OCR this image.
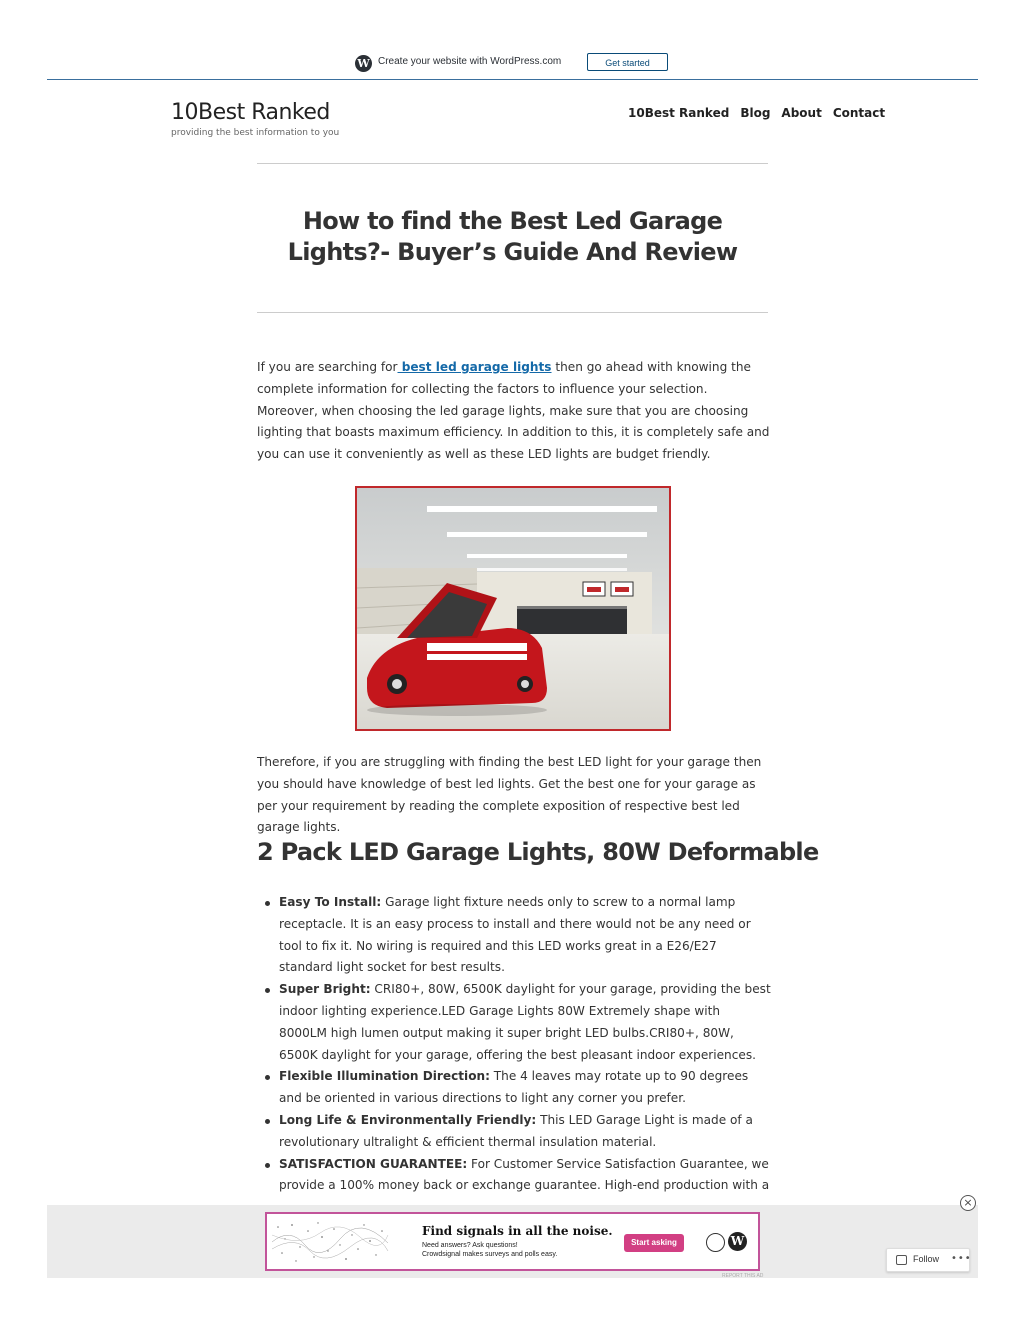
W Create your website with WordPress.com	Get started
10Best Ranked
providing the best information to you
10Best Ranked Blog About Contact
How to find the Best Led Garage Lights?- Buyer’s Guide And Review
If you are searching for best led garage lights then go ahead with knowing the complete information for collecting the factors to influence your selection. Moreover, when choosing the led garage lights, make sure that you are choosing lighting that boasts maximum efficiency. In addition to this, it is completely safe and you can use it conveniently as well as these LED lights are budget friendly.
Therefore, if you are struggling with finding the best LED light for your garage then you should have knowledge of best led lights. Get the best one for your garage as per your requirement by reading the complete exposition of respective best led garage lights.
2 Pack LED Garage Lights, 80W Deformable
Easy To Install: Garage light fixture needs only to screw to a normal lamp receptacle. It is an easy process to install and there would not be any need or tool to fix it. No wiring is required and this LED works great in a E26/E27 standard light socket for best results.
Super Bright: CRI80+, 80W, 6500K daylight for your garage, providing the best indoor lighting experience.LED Garage Lights 80W Extremely shape with 8000LM high lumen output making it super bright LED bulbs.CRI80+, 80W, 6500K daylight for your garage, offering the best pleasant indoor experiences.
Flexible Illumination Direction: The 4 leaves may rotate up to 90 degrees and be oriented in various directions to light any corner you prefer.
Long Life & Environmentally Friendly: This LED Garage Light is made of a revolutionary ultralight & efficient thermal insulation material.
SATISFACTION GUARANTEE: For Customer Service Satisfaction Guarantee, we provide a 100% money back or exchange guarantee. High-end production with a
×
Find signals in all the noise.
Need answers? Ask questions!
Crowdsignal makes surveys and polls easy.
Start asking	W
REPORT THIS AD
Follow •••
